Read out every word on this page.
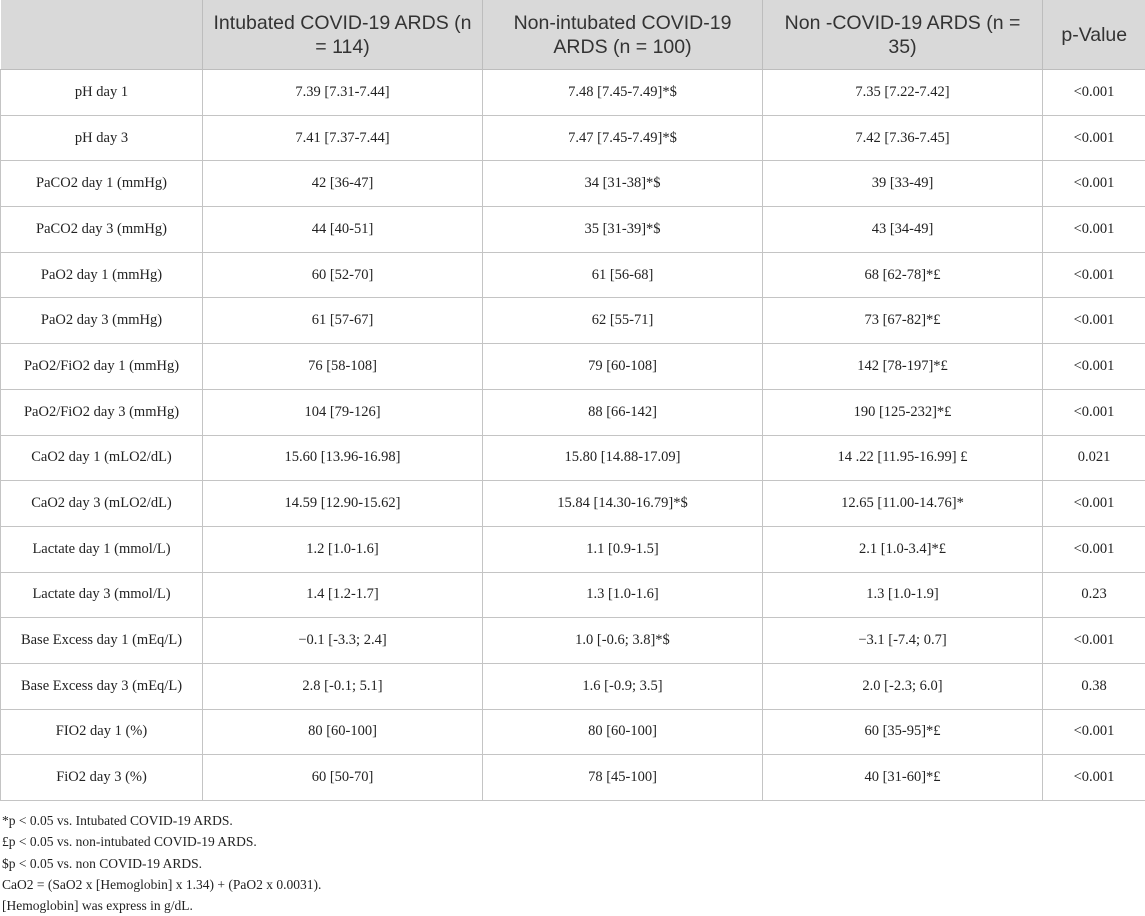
	Intubated COVID-19 ARDS (n = 114)	Non-intubated COVID-19 ARDS (n = 100)	Non -COVID-19 ARDS (n = 35)	p-Value
pH day 1	7.39 [7.31-7.44]	7.48 [7.45-7.49]*$	7.35 [7.22-7.42]	<0.001
pH day 3	7.41 [7.37-7.44]	7.47 [7.45-7.49]*$	7.42 [7.36-7.45]	<0.001
PaCO2 day 1 (mmHg)	42 [36-47]	34 [31-38]*$	39 [33-49]	<0.001
PaCO2 day 3 (mmHg)	44 [40-51]	35 [31-39]*$	43 [34-49]	<0.001
PaO2 day 1 (mmHg)	60 [52-70]	61 [56-68]	68 [62-78]*£	<0.001
PaO2 day 3 (mmHg)	61 [57-67]	62 [55-71]	73 [67-82]*£	<0.001
PaO2/FiO2 day 1 (mmHg)	76 [58-108]	79 [60-108]	142 [78-197]*£	<0.001
PaO2/FiO2 day 3 (mmHg)	104 [79-126]	88 [66-142]	190 [125-232]*£	<0.001
CaO2 day 1 (mLO2/dL)	15.60 [13.96-16.98]	15.80 [14.88-17.09]	14 .22 [11.95-16.99] £	0.021
CaO2 day 3 (mLO2/dL)	14.59 [12.90-15.62]	15.84 [14.30-16.79]*$	12.65 [11.00-14.76]*	<0.001
Lactate day 1 (mmol/L)	1.2 [1.0-1.6]	1.1 [0.9-1.5]	2.1 [1.0-3.4]*£	<0.001
Lactate day 3 (mmol/L)	1.4 [1.2-1.7]	1.3 [1.0-1.6]	1.3 [1.0-1.9]	0.23
Base Excess day 1 (mEq/L)	−0.1 [-3.3; 2.4]	1.0 [-0.6; 3.8]*$	−3.1 [-7.4; 0.7]	<0.001
Base Excess day 3 (mEq/L)	2.8 [-0.1; 5.1]	1.6 [-0.9; 3.5]	2.0 [-2.3; 6.0]	0.38
FIO2 day 1 (%)	80 [60-100]	80 [60-100]	60 [35-95]*£	<0.001
FiO2 day 3 (%)	60 [50-70]	78 [45-100]	40 [31-60]*£	<0.001
*p < 0.05 vs. Intubated COVID-19 ARDS.
£p < 0.05 vs. non-intubated COVID-19 ARDS.
$p < 0.05 vs. non COVID-19 ARDS.
CaO2 = (SaO2 x [Hemoglobin] x 1.34) + (PaO2 x 0.0031).
[Hemoglobin] was express in g/dL.
